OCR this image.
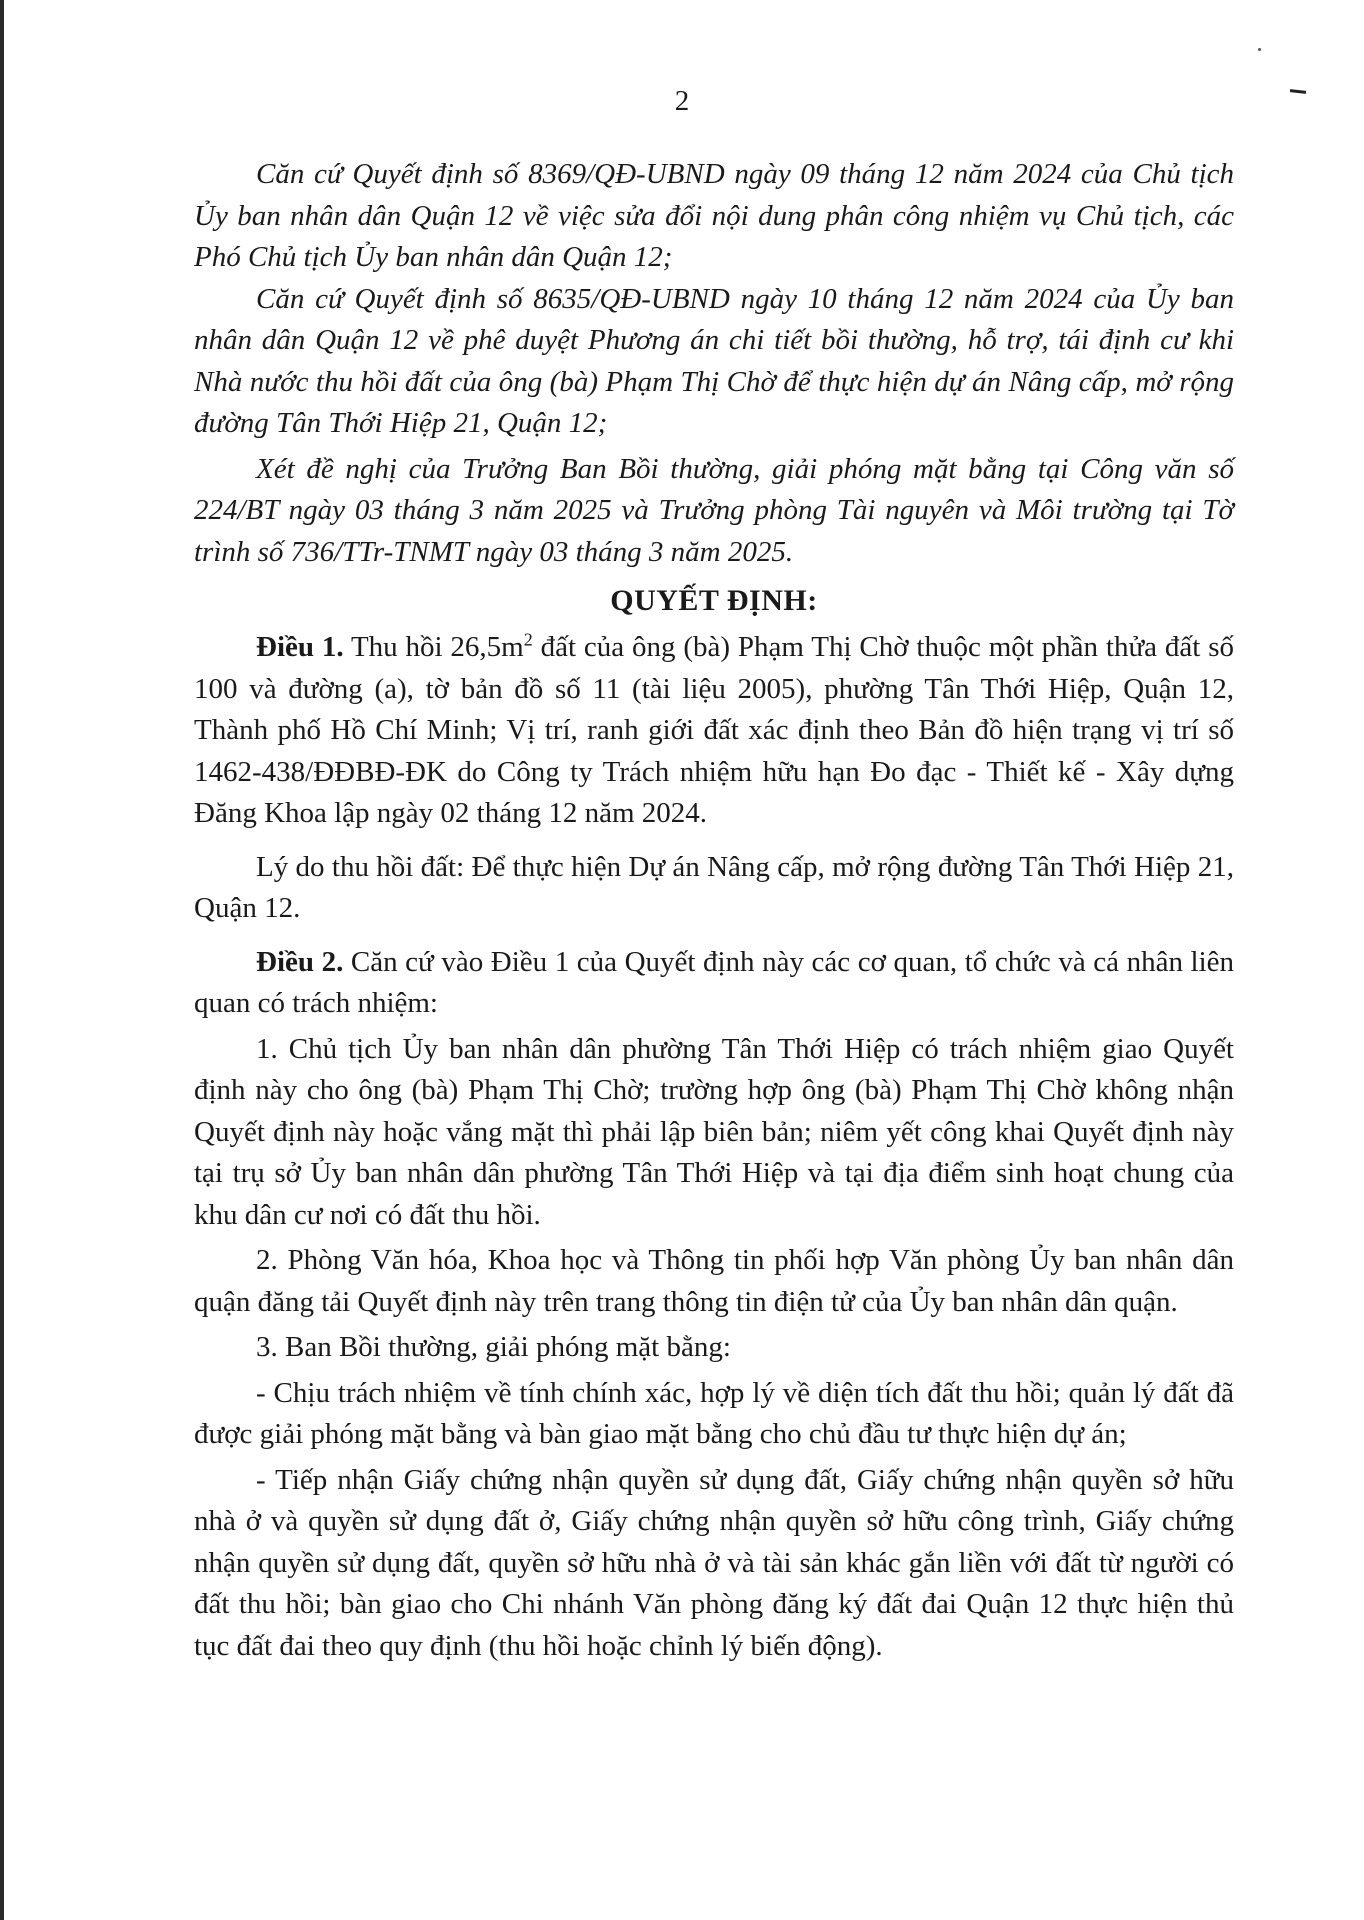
2

Căn cứ Quyết định số 8369/QĐ-UBND ngày 09 tháng 12 năm 2024 của Chủ tịch Ủy ban nhân dân Quận 12 về việc sửa đổi nội dung phân công nhiệm vụ Chủ tịch, các Phó Chủ tịch Ủy ban nhân dân Quận 12;

Căn cứ Quyết định số 8635/QĐ-UBND ngày 10 tháng 12 năm 2024 của Ủy ban nhân dân Quận 12 về phê duyệt Phương án chi tiết bồi thường, hỗ trợ, tái định cư khi Nhà nước thu hồi đất của ông (bà) Phạm Thị Chờ để thực hiện dự án Nâng cấp, mở rộng đường Tân Thới Hiệp 21, Quận 12;

Xét đề nghị của Trưởng Ban Bồi thường, giải phóng mặt bằng tại Công văn số 224/BT ngày 03 tháng 3 năm 2025 và Trưởng phòng Tài nguyên và Môi trường tại Tờ trình số 736/TTr-TNMT ngày 03 tháng 3 năm 2025.

QUYẾT ĐỊNH:

Điều 1. Thu hồi $26,5m^2$ đất của ông (bà) Phạm Thị Chờ thuộc một phần thửa đất số 100 và đường (a), tờ bản đồ số 11 (tài liệu 2005), phường Tân Thới Hiệp, Quận 12, Thành phố Hồ Chí Minh; Vị trí, ranh giới đất xác định theo Bản đồ hiện trạng vị trí số 1462-438/ĐĐBĐ-ĐK do Công ty Trách nhiệm hữu hạn Đo đạc - Thiết kế - Xây dựng Đăng Khoa lập ngày 02 tháng 12 năm 2024.

Lý do thu hồi đất: Để thực hiện Dự án Nâng cấp, mở rộng đường Tân Thới Hiệp 21, Quận 12.

Điều 2. Căn cứ vào Điều 1 của Quyết định này các cơ quan, tổ chức và cá nhân liên quan có trách nhiệm:

1. Chủ tịch Ủy ban nhân dân phường Tân Thới Hiệp có trách nhiệm giao Quyết định này cho ông (bà) Phạm Thị Chờ; trường hợp ông (bà) Phạm Thị Chờ không nhận Quyết định này hoặc vắng mặt thì phải lập biên bản; niêm yết công khai Quyết định này tại trụ sở Ủy ban nhân dân phường Tân Thới Hiệp và tại địa điểm sinh hoạt chung của khu dân cư nơi có đất thu hồi.

2. Phòng Văn hóa, Khoa học và Thông tin phối hợp Văn phòng Ủy ban nhân dân quận đăng tải Quyết định này trên trang thông tin điện tử của Ủy ban nhân dân quận.

3. Ban Bồi thường, giải phóng mặt bằng:

- Chịu trách nhiệm về tính chính xác, hợp lý về diện tích đất thu hồi; quản lý đất đã được giải phóng mặt bằng và bàn giao mặt bằng cho chủ đầu tư thực hiện dự án;

- Tiếp nhận Giấy chứng nhận quyền sử dụng đất, Giấy chứng nhận quyền sở hữu nhà ở và quyền sử dụng đất ở, Giấy chứng nhận quyền sở hữu công trình, Giấy chứng nhận quyền sử dụng đất, quyền sở hữu nhà ở và tài sản khác gắn liền với đất từ người có đất thu hồi; bàn giao cho Chi nhánh Văn phòng đăng ký đất đai Quận 12 thực hiện thủ tục đất đai theo quy định (thu hồi hoặc chỉnh lý biến động).
